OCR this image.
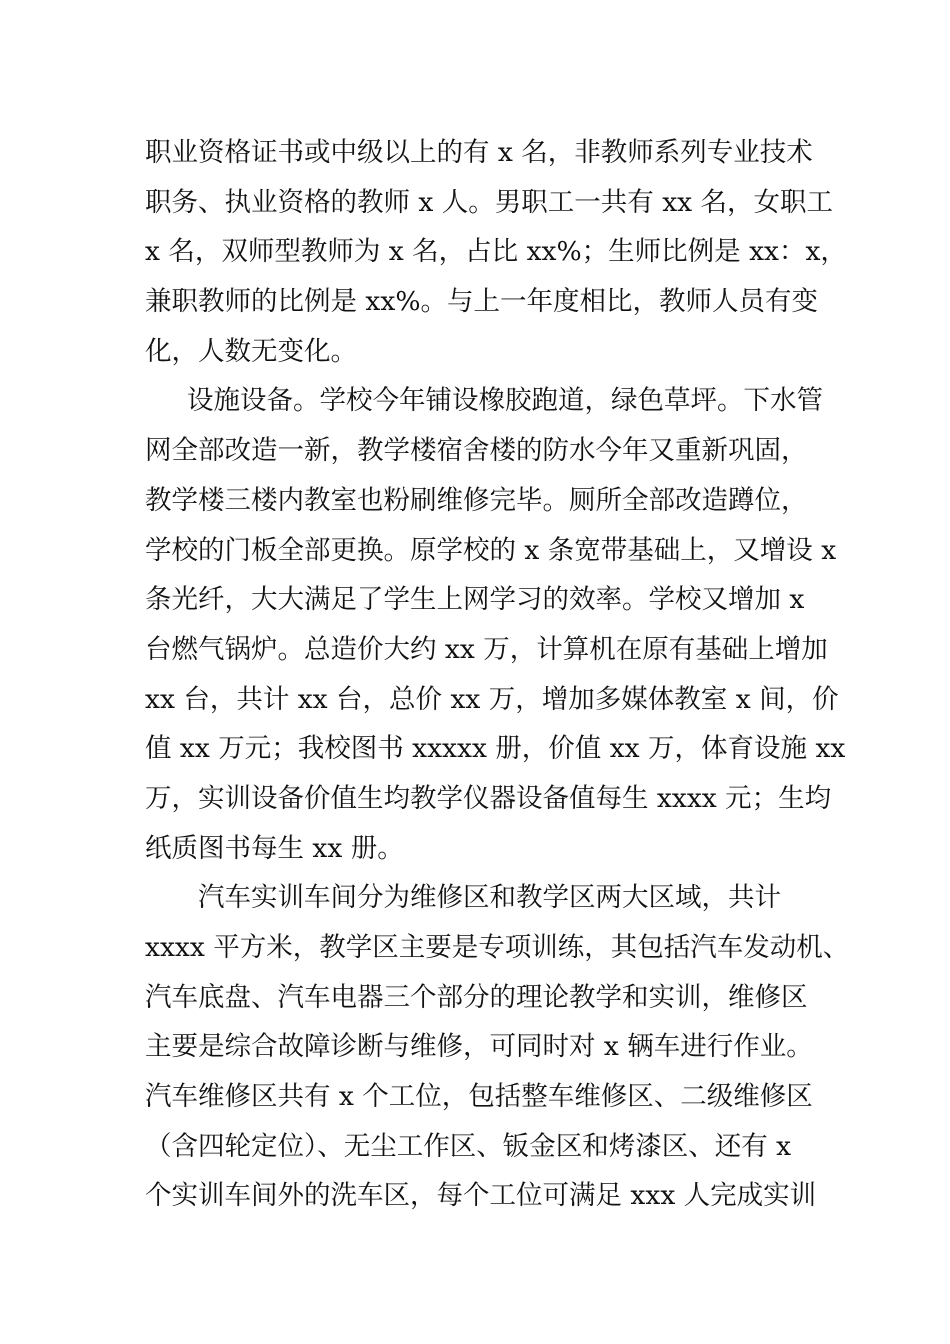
职业资格证书或中级以上的有 x 名，非教师系列专业技术
职务、执业资格的教师 x 人。男职工一共有 xx 名，女职工
x 名，双师型教师为 x 名，占比 xx%；生师比例是 xx：x，
兼职教师的比例是 xx%。与上一年度相比，教师人员有变
化，人数无变化。
设施设备。学校今年铺设橡胶跑道，绿色草坪。下水管
网全部改造一新，教学楼宿舍楼的防水今年又重新巩固，
教学楼三楼内教室也粉刷维修完毕。厕所全部改造蹲位，
学校的门板全部更换。原学校的 x 条宽带基础上，又增设 x
条光纤，大大满足了学生上网学习的效率。学校又增加 x
台燃气锅炉。总造价大约 xx 万，计算机在原有基础上增加
xx 台，共计 xx 台，总价 xx 万，增加多媒体教室 x 间，价
值 xx 万元；我校图书 xxxxx 册，价值 xx 万，体育设施 xx
万，实训设备价值生均教学仪器设备值每生 xxxx 元；生均
纸质图书每生 xx 册。
汽车实训车间分为维修区和教学区两大区域，共计
xxxx 平方米，教学区主要是专项训练，其包括汽车发动机、
汽车底盘、汽车电器三个部分的理论教学和实训，维修区
主要是综合故障诊断与维修，可同时对 x 辆车进行作业。
汽车维修区共有 x 个工位，包括整车维修区、二级维修区
（含四轮定位）、无尘工作区、钣金区和烤漆区、还有 x
个实训车间外的洗车区，每个工位可满足 xxx 人完成实训
